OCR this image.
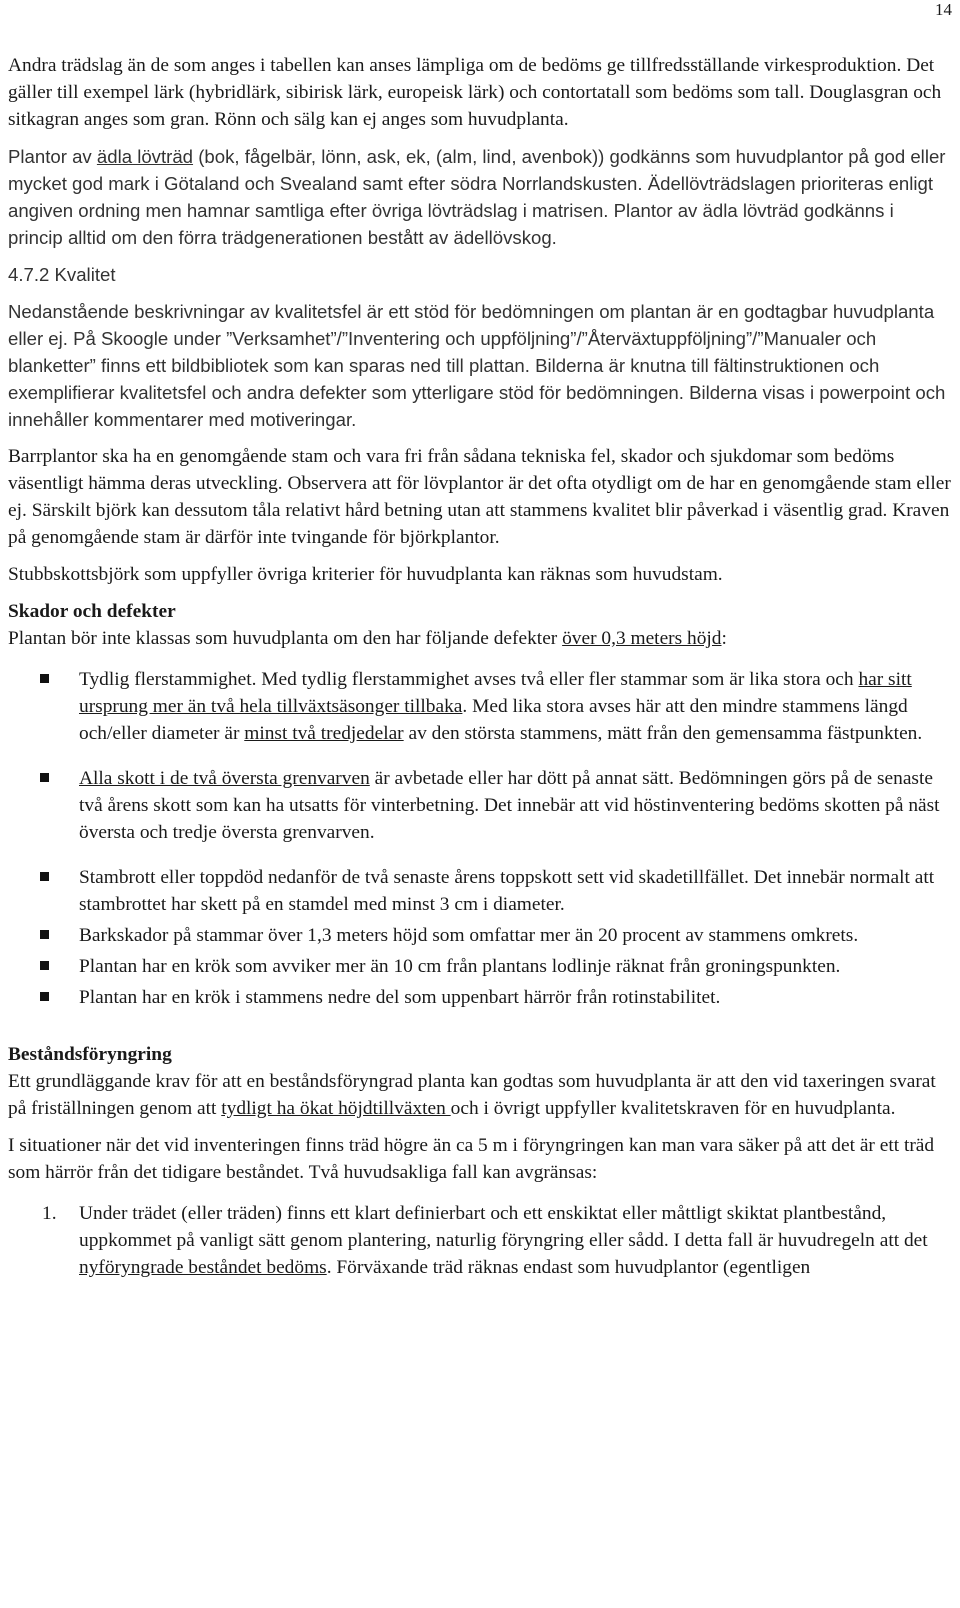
14

Andra trädslag än de som anges i tabellen kan anses lämpliga om de bedöms ge tillfredsställande virkesproduktion. Det gäller till exempel lärk (hybridlärk, sibirisk lärk, europeisk lärk) och contortatall som bedöms som tall. Douglasgran och sitkagran anges som gran. Rönn och sälg kan ej anges som huvudplanta.

Plantor av ädla lövträd (bok, fågelbär, lönn, ask, ek, (alm, lind, avenbok)) godkänns som huvudplantor på god eller mycket god mark i Götaland och Svealand samt efter södra Norrlandskusten. Ädellövträdslagen prioriteras enligt angiven ordning men hamnar samtliga efter övriga lövträdslag i matrisen. Plantor av ädla lövträd godkänns i princip alltid om den förra trädgenerationen bestått av ädellövskog.

4.7.2 Kvalitet

Nedanstående beskrivningar av kvalitetsfel är ett stöd för bedömningen om plantan är en godtagbar huvudplanta eller ej. På Skoogle under ”Verksamhet”/”Inventering och uppföljning”/”Återväxtuppföljning”/”Manualer och blanketter” finns ett bildbibliotek som kan sparas ned till plattan. Bilderna är knutna till fältinstruktionen och exemplifierar kvalitetsfel och andra defekter som ytterligare stöd för bedömningen. Bilderna visas i powerpoint och innehåller kommentarer med motiveringar.

Barrplantor ska ha en genomgående stam och vara fri från sådana tekniska fel, skador och sjukdomar som bedöms väsentligt hämma deras utveckling. Observera att för lövplantor är det ofta otydligt om de har en genomgående stam eller ej. Särskilt björk kan dessutom tåla relativt hård betning utan att stammens kvalitet blir påverkad i väsentlig grad. Kraven på genomgående stam är därför inte tvingande för björkplantor.

Stubbskottsbjörk som uppfyller övriga kriterier för huvudplanta kan räknas som huvudstam.

Skador och defekter

Plantan bör inte klassas som huvudplanta om den har följande defekter över 0,3 meters höjd:

Tydlig flerstammighet. Med tydlig flerstammighet avses två eller fler stammar som är lika stora och har sitt ursprung mer än två hela tillväxtsäsonger tillbaka. Med lika stora avses här att den mindre stammens längd och/eller diameter är minst två tredjedelar av den största stammens, mätt från den gemensamma fästpunkten.
Alla skott i de två översta grenvarven är avbetade eller har dött på annat sätt. Bedömningen görs på de senaste två årens skott som kan ha utsatts för vinterbetning. Det innebär att vid höstinventering bedöms skotten på näst översta och tredje översta grenvarven.
Stambrott eller toppdöd nedanför de två senaste årens toppskott sett vid skadetillfället. Det innebär normalt att stambrottet har skett på en stamdel med minst 3 cm i diameter.
Barkskador på stammar över 1,3 meters höjd som omfattar mer än 20 procent av stammens omkrets.
Plantan har en krök som avviker mer än 10 cm från plantans lodlinje räknat från groningspunkten.
Plantan har en krök i stammens nedre del som uppenbart härrör från rotinstabilitet.

Beståndsföryngring

Ett grundläggande krav för att en beståndsföryngrad planta kan godtas som huvudplanta är att den vid taxeringen svarat på friställningen genom att tydligt ha ökat höjdtillväxten och i övrigt uppfyller kvalitetskraven för en huvudplanta.

I situationer när det vid inventeringen finns träd högre än ca 5 m i föryngringen kan man vara säker på att det är ett träd som härrör från det tidigare beståndet. Två huvudsakliga fall kan avgränsas:

1. Under trädet (eller träden) finns ett klart definierbart och ett enskiktat eller måttligt skiktat plantbestånd, uppkommet på vanligt sätt genom plantering, naturlig föryngring eller sådd. I detta fall är huvudregeln att det nyföryngrade beståndet bedöms. Förväxande träd räknas endast som huvudplantor (egentligen
